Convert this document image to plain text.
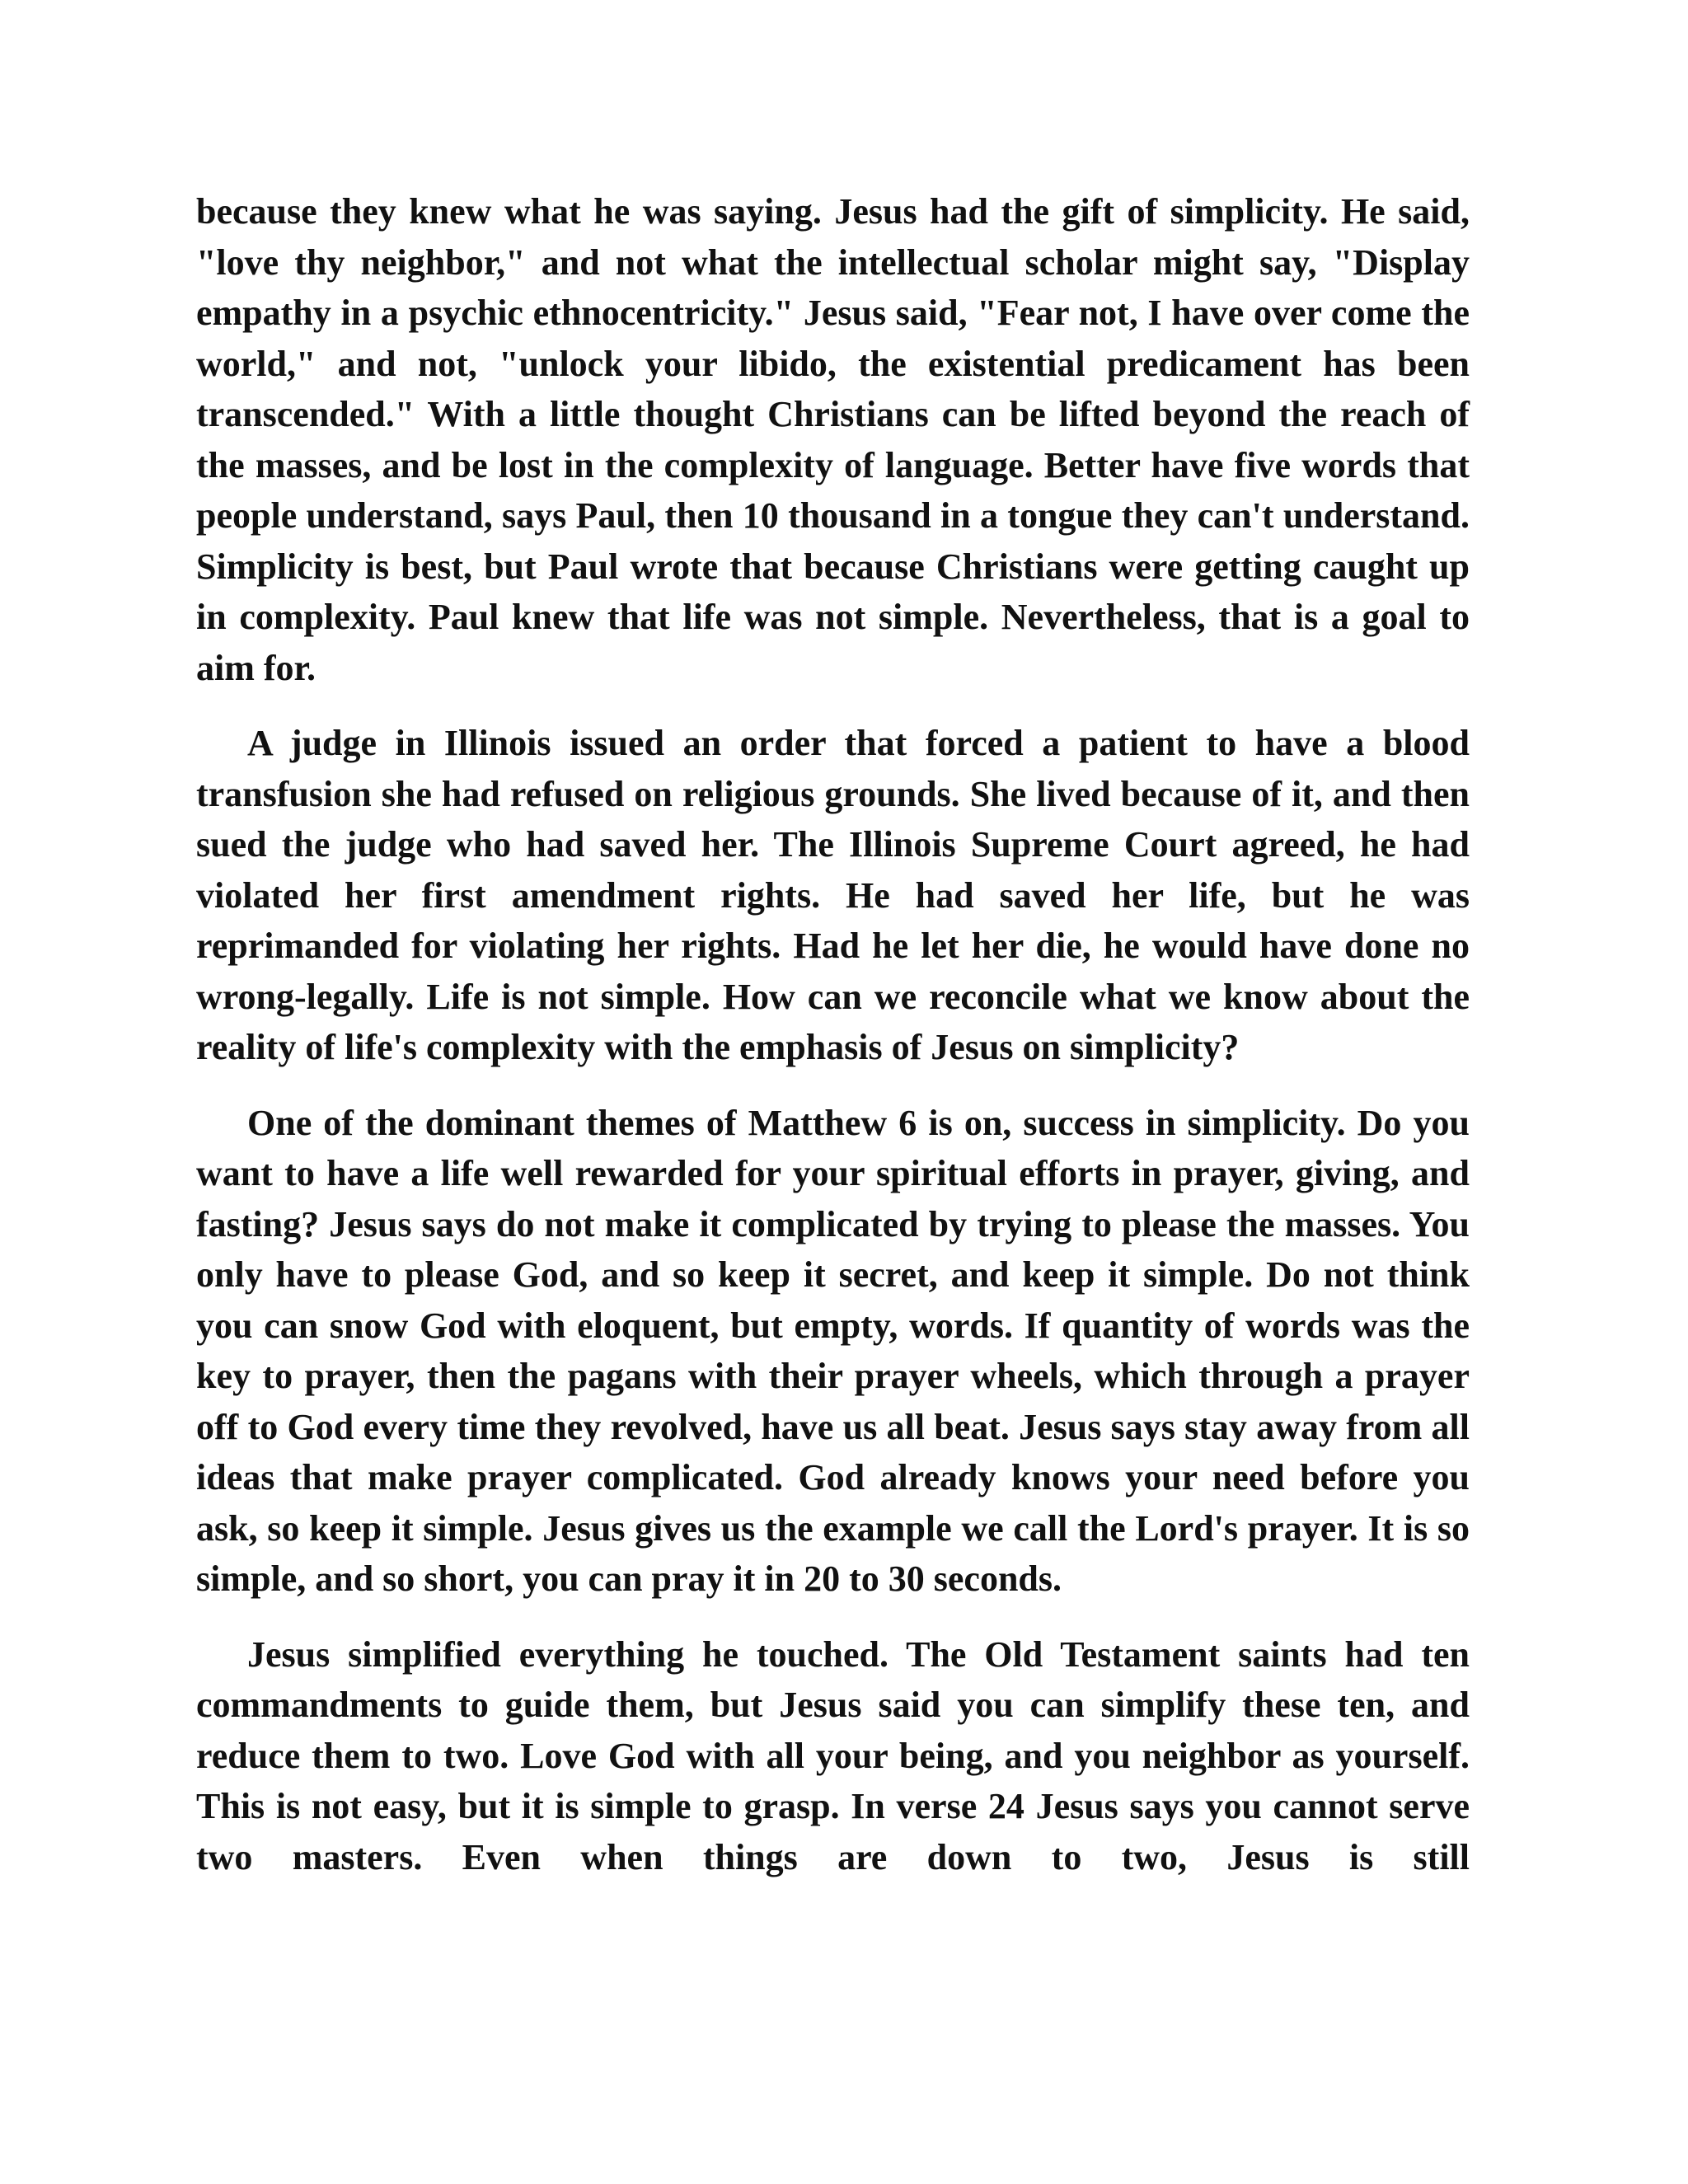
because they knew what he was saying. Jesus had the gift of simplicity. He said, "love thy neighbor," and not what the intellectual scholar might say, "Display empathy in a psychic ethnocentricity." Jesus said, "Fear not, I have over come the world," and not, "unlock your libido, the existential predicament has been transcended." With a little thought Christians can be lifted beyond the reach of the masses, and be lost in the complexity of language. Better have five words that people understand, says Paul, then 10 thousand in a tongue they can't understand. Simplicity is best, but Paul wrote that because Christians were getting caught up in complexity. Paul knew that life was not simple. Nevertheless, that is a goal to aim for.

A judge in Illinois issued an order that forced a patient to have a blood transfusion she had refused on religious grounds. She lived because of it, and then sued the judge who had saved her. The Illinois Supreme Court agreed, he had violated her first amendment rights. He had saved her life, but he was reprimanded for violating her rights. Had he let her die, he would have done no wrong-legally. Life is not simple. How can we reconcile what we know about the reality of life's complexity with the emphasis of Jesus on simplicity?

One of the dominant themes of Matthew 6 is on, success in simplicity. Do you want to have a life well rewarded for your spiritual efforts in prayer, giving, and fasting? Jesus says do not make it complicated by trying to please the masses. You only have to please God, and so keep it secret, and keep it simple. Do not think you can snow God with eloquent, but empty, words. If quantity of words was the key to prayer, then the pagans with their prayer wheels, which through a prayer off to God every time they revolved, have us all beat. Jesus says stay away from all ideas that make prayer complicated. God already knows your need before you ask, so keep it simple. Jesus gives us the example we call the Lord's prayer. It is so simple, and so short, you can pray it in 20 to 30 seconds.

Jesus simplified everything he touched. The Old Testament saints had ten commandments to guide them, but Jesus said you can simplify these ten, and reduce them to two. Love God with all your being, and you neighbor as yourself. This is not easy, but it is simple to grasp. In verse 24 Jesus says you cannot serve two masters. Even when things are down to two, Jesus is still
